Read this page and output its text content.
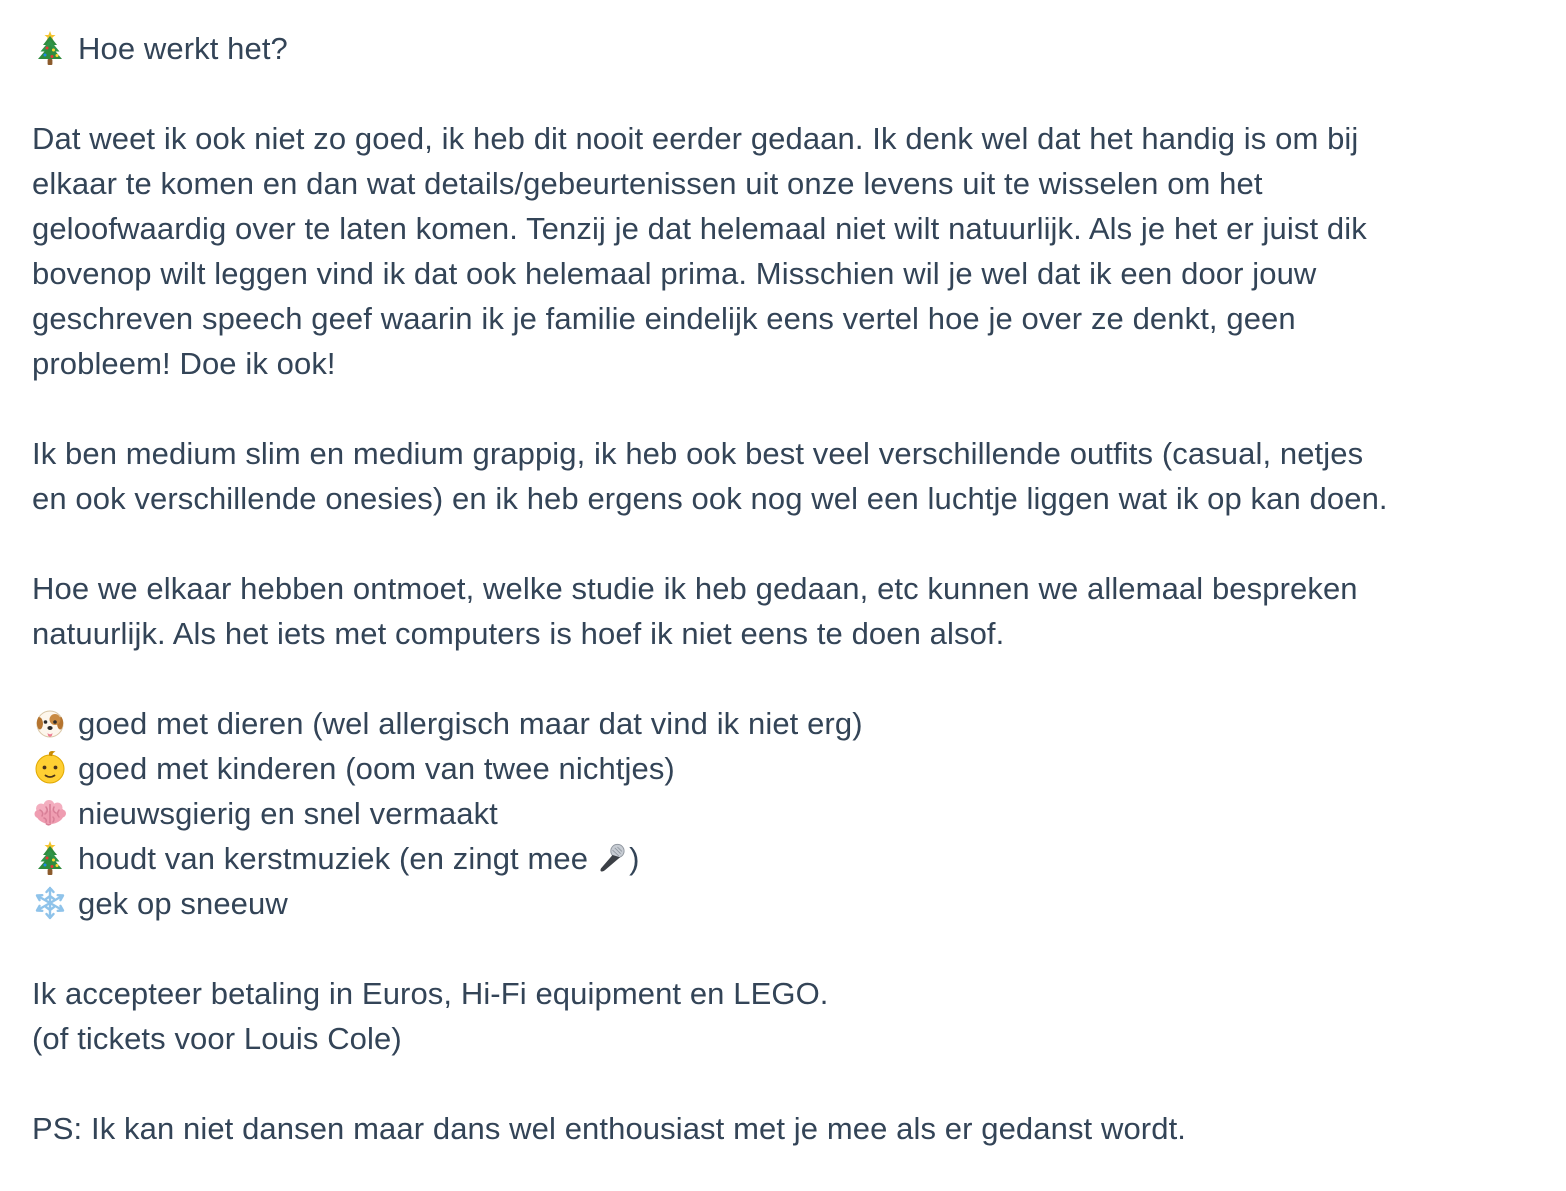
Hoe werkt het?
Dat weet ik ook niet zo goed, ik heb dit nooit eerder gedaan. Ik denk wel dat het handig is om bij
elkaar te komen en dan wat details/gebeurtenissen uit onze levens uit te wisselen om het
geloofwaardig over te laten komen. Tenzij je dat helemaal niet wilt natuurlijk. Als je het er juist dik
bovenop wilt leggen vind ik dat ook helemaal prima. Misschien wil je wel dat ik een door jouw
geschreven speech geef waarin ik je familie eindelijk eens vertel hoe je over ze denkt, geen
probleem! Doe ik ook!
Ik ben medium slim en medium grappig, ik heb ook best veel verschillende outfits (casual, netjes
en ook verschillende onesies) en ik heb ergens ook nog wel een luchtje liggen wat ik op kan doen.
Hoe we elkaar hebben ontmoet, welke studie ik heb gedaan, etc kunnen we allemaal bespreken
natuurlijk. Als het iets met computers is hoef ik niet eens te doen alsof.
goed met dieren (wel allergisch maar dat vind ik niet erg)
goed met kinderen (oom van twee nichtjes)
nieuwsgierig en snel vermaakt
houdt van kerstmuziek (en zingt mee )
gek op sneeuw
Ik accepteer betaling in Euros, Hi-Fi equipment en LEGO.
(of tickets voor Louis Cole)
PS: Ik kan niet dansen maar dans wel enthousiast met je mee als er gedanst wordt.
